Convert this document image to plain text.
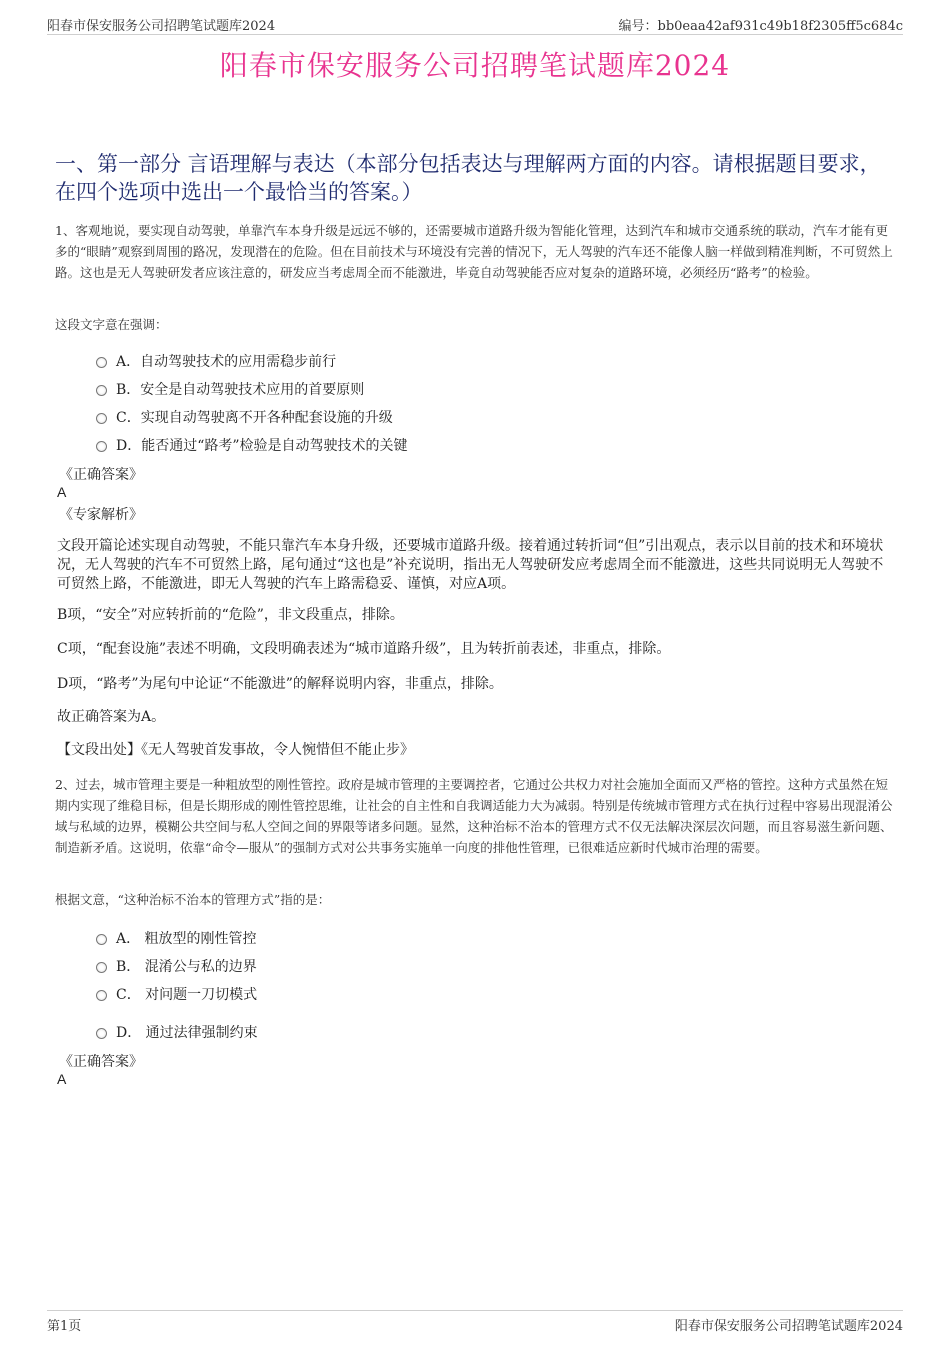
阳春市保安服务公司招聘笔试题库2024	编号：bb0eaa42af931c49b18f2305ff5c684c
阳春市保安服务公司招聘笔试题库2024
一、第一部分 言语理解与表达（本部分包括表达与理解两方面的内容。请根据题目要求，在四个选项中选出一个最恰当的答案。）
1、客观地说，要实现自动驾驶，单靠汽车本身升级是远远不够的，还需要城市道路升级为智能化管理，达到汽车和城市交通系统的联动，汽车才能有更多的“眼睛”观察到周围的路况，发现潜在的危险。但在目前技术与环境没有完善的情况下，无人驾驶的汽车还不能像人脑一样做到精准判断，不可贸然上路。这也是无人驾驶研发者应该注意的，研发应当考虑周全而不能激进，毕竟自动驾驶能否应对复杂的道路环境，必须经历“路考”的检验。
这段文字意在强调：
A．自动驾驶技术的应用需稳步前行
B．安全是自动驾驶技术应用的首要原则
C．实现自动驾驶离不开各种配套设施的升级
D．能否通过“路考”检验是自动驾驶技术的关键
《正确答案》
A
《专家解析》
文段开篇论述实现自动驾驶，不能只靠汽车本身升级，还要城市道路升级。接着通过转折词“但”引出观点，表示以目前的技术和环境状况，无人驾驶的汽车不可贸然上路，尾句通过“这也是”补充说明，指出无人驾驶研发应考虑周全而不能激进，这些共同说明无人驾驶不可贸然上路，不能激进，即无人驾驶的汽车上路需稳妥、谨慎，对应A项。
B项，“安全”对应转折前的“危险”，非文段重点，排除。
C项，“配套设施”表述不明确，文段明确表述为“城市道路升级”，且为转折前表述，非重点，排除。
D项，“路考”为尾句中论证“不能激进”的解释说明内容，非重点，排除。
故正确答案为A。
【文段出处】《无人驾驶首发事故，令人惋惜但不能止步》
2、过去，城市管理主要是一种粗放型的刚性管控。政府是城市管理的主要调控者，它通过公共权力对社会施加全面而又严格的管控。这种方式虽然在短期内实现了维稳目标，但是长期形成的刚性管控思维，让社会的自主性和自我调适能力大为减弱。特别是传统城市管理方式在执行过程中容易出现混淆公域与私域的边界，模糊公共空间与私人空间之间的界限等诸多问题。显然，这种治标不治本的管理方式不仅无法解决深层次问题，而且容易滋生新问题、制造新矛盾。这说明，依靠“命令—服从”的强制方式对公共事务实施单一向度的排他性管理，已很难适应新时代城市治理的需要。
根据文意，“这种治标不治本的管理方式”指的是：
A． 粗放型的刚性管控
B． 混淆公与私的边界
C． 对问题一刀切模式
D． 通过法律强制约束
《正确答案》
A
第1页	阳春市保安服务公司招聘笔试题库2024
